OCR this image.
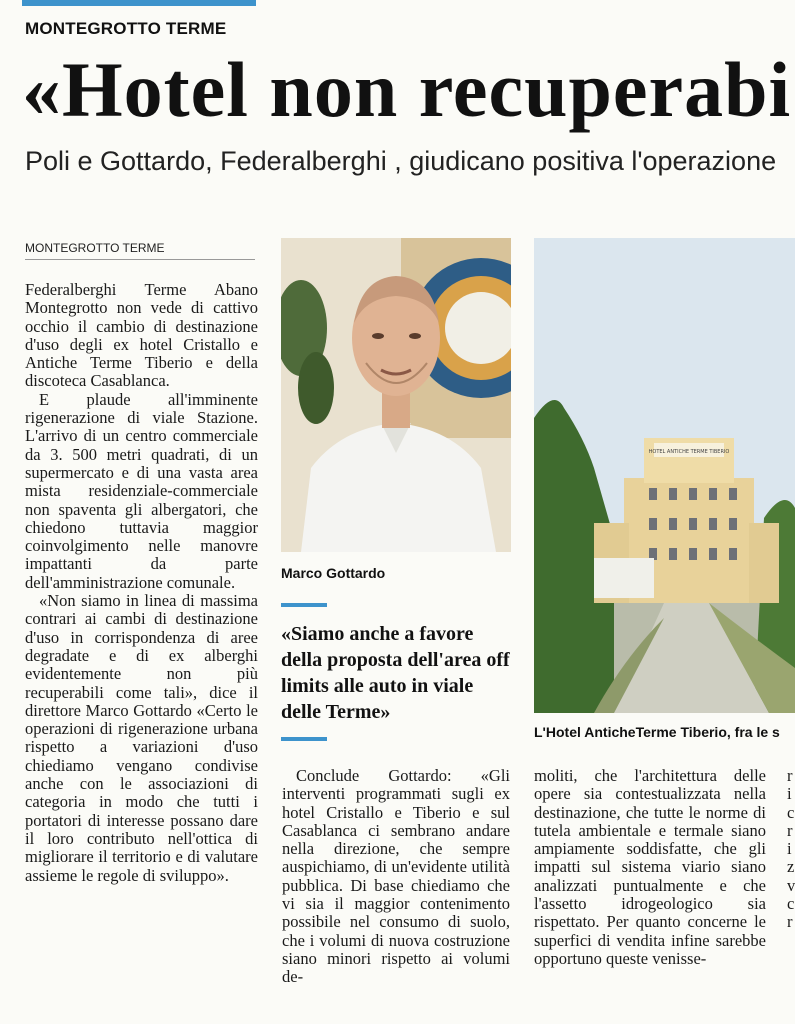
MONTEGROTTO TERME
«Hotel non recuperabi
Poli e Gottardo, Federalberghi , giudicano positiva l'operazione
MONTEGROTTO TERME

Federalberghi Terme Abano Montegrotto non vede di cattivo occhio il cambio di destinazione d'uso degli ex hotel Cristallo e Antiche Terme Tiberio e della discoteca Casablanca.

E plaude all'imminente rigenerazione di viale Stazione. L'arrivo di un centro commerciale da 3. 500 metri quadrati, di un supermercato e di una vasta area mista residenziale-commerciale non spaventa gli albergatori, che chiedono tuttavia maggior coinvolgimento nelle manovre impattanti da parte dell'amministrazione comunale.

«Non siamo in linea di massima contrari ai cambi di destinazione d'uso in corrispondenza di aree degradate e di ex alberghi evidentemente non più recuperabili come tali», dice il direttore Marco Gottardo «Certo le operazioni di rigenerazione urbana rispetto a variazioni d'uso chiediamo vengano condivise anche con le associazioni di categoria in modo che tutti i portatori di interesse possano dare il loro contributo nell'ottica di migliorare il territorio e di valutare assieme le regole di sviluppo».

Marco Gottardo
«Siamo anche a favore della proposta dell'area off limits alle auto in viale delle Terme»
HOTEL ANTICHE TERME TIBERIO
L'Hotel AnticheTerme Tiberio, fra le s

Conclude Gottardo: «Gli interventi programmati sugli ex hotel Cristallo e Tiberio e sul Casablanca ci sembrano andare nella direzione, che sempre auspichiamo, di un'evidente utilità pubblica. Di base chiediamo che vi sia il maggior contenimento possibile nel consumo di suolo, che i volumi di nuova costruzione siano minori rispetto ai volumi de-

moliti, che l'architettura delle opere sia contestualizzata nella destinazione, che tutte le norme di tutela ambientale e termale siano ampiamente soddisfatte, che gli impatti sul sistema viario siano analizzati puntualmente e che l'assetto idrogeologico sia rispettato. Per quanto concerne le superfici di vendita infine sarebbe opportuno queste venisse-

r i c r i z v c r
